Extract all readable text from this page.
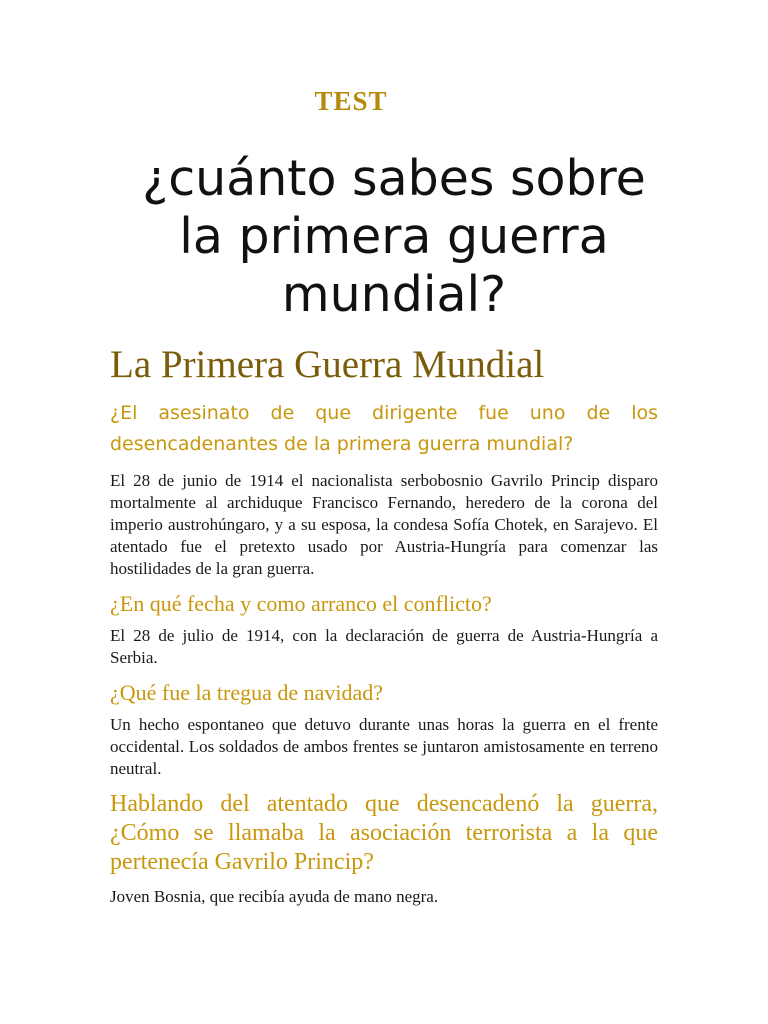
TEST
¿cuánto sabes sobre la primera guerra mundial?
La Primera Guerra Mundial

¿El asesinato de que dirigente fue uno de los desencadenantes de la primera guerra mundial?

El 28 de junio de 1914 el nacionalista serbobosnio Gavrilo Princip disparo mortalmente al archiduque Francisco Fernando, heredero de la corona del imperio austrohúngaro, y a su esposa, la condesa Sofía Chotek, en Sarajevo. El atentado fue el pretexto usado por Austria-Hungría para comenzar las hostilidades de la gran guerra.

¿En qué fecha y como arranco el conflicto?

El 28 de julio de 1914, con la declaración de guerra de Austria-Hungría a Serbia.

¿Qué fue la tregua de navidad?

Un hecho espontaneo que detuvo durante unas horas la guerra en el frente occidental. Los soldados de ambos frentes se juntaron amistosamente en terreno neutral.

Hablando del atentado que desencadenó la guerra, ¿Cómo se llamaba la asociación terrorista a la que pertenecía Gavrilo Princip?

Joven Bosnia, que recibía ayuda de mano negra.
